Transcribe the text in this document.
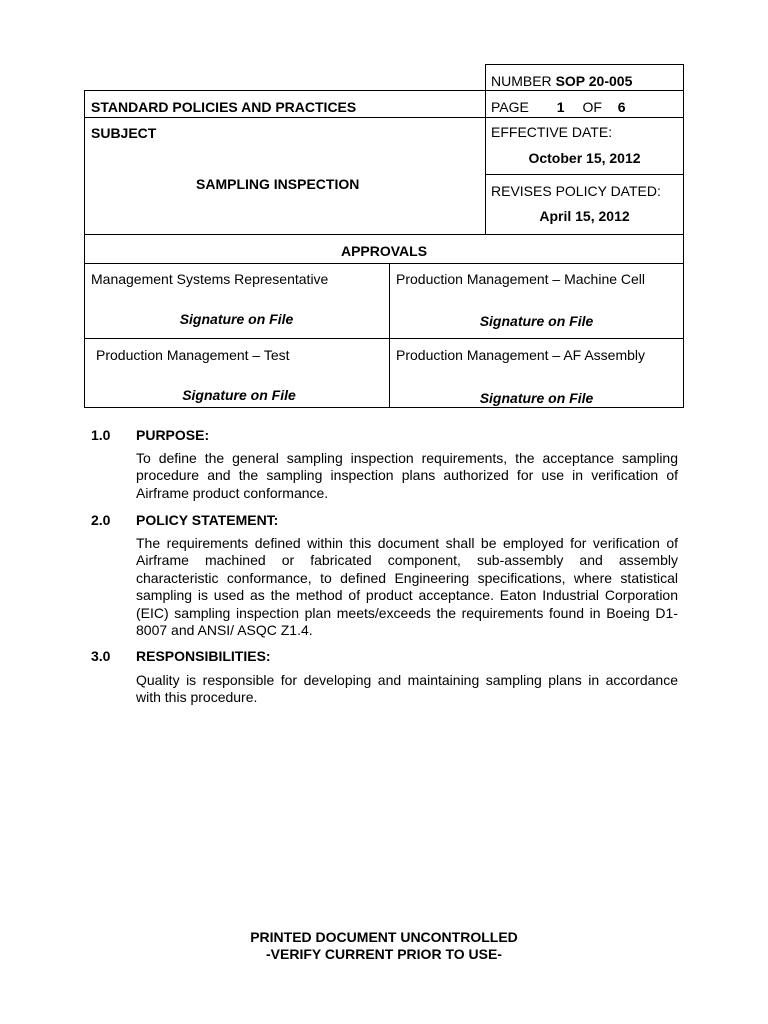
NUMBER SOP 20-005
STANDARD POLICIES AND PRACTICES	PAGE 1 OF 6
SUBJECT
SAMPLING INSPECTION
EFFECTIVE DATE:
October 15, 2012
REVISES POLICY DATED:
April 15, 2012
APPROVALS
Management Systems Representative
Signature on File
Production Management – Machine Cell
Signature on File
Production Management – Test
Signature on File
Production Management – AF Assembly
Signature on File
1.0 PURPOSE:
To define the general sampling inspection requirements, the acceptance sampling procedure and the sampling inspection plans authorized for use in verification of Airframe product conformance.
2.0 POLICY STATEMENT:
The requirements defined within this document shall be employed for verification of Airframe machined or fabricated component, sub-assembly and assembly characteristic conformance, to defined Engineering specifications, where statistical sampling is used as the method of product acceptance. Eaton Industrial Corporation (EIC) sampling inspection plan meets/exceeds the requirements found in Boeing D1-8007 and ANSI/ ASQC Z1.4.
3.0 RESPONSIBILITIES:
Quality is responsible for developing and maintaining sampling plans in accordance with this procedure.
PRINTED DOCUMENT UNCONTROLLED
-VERIFY CURRENT PRIOR TO USE-
